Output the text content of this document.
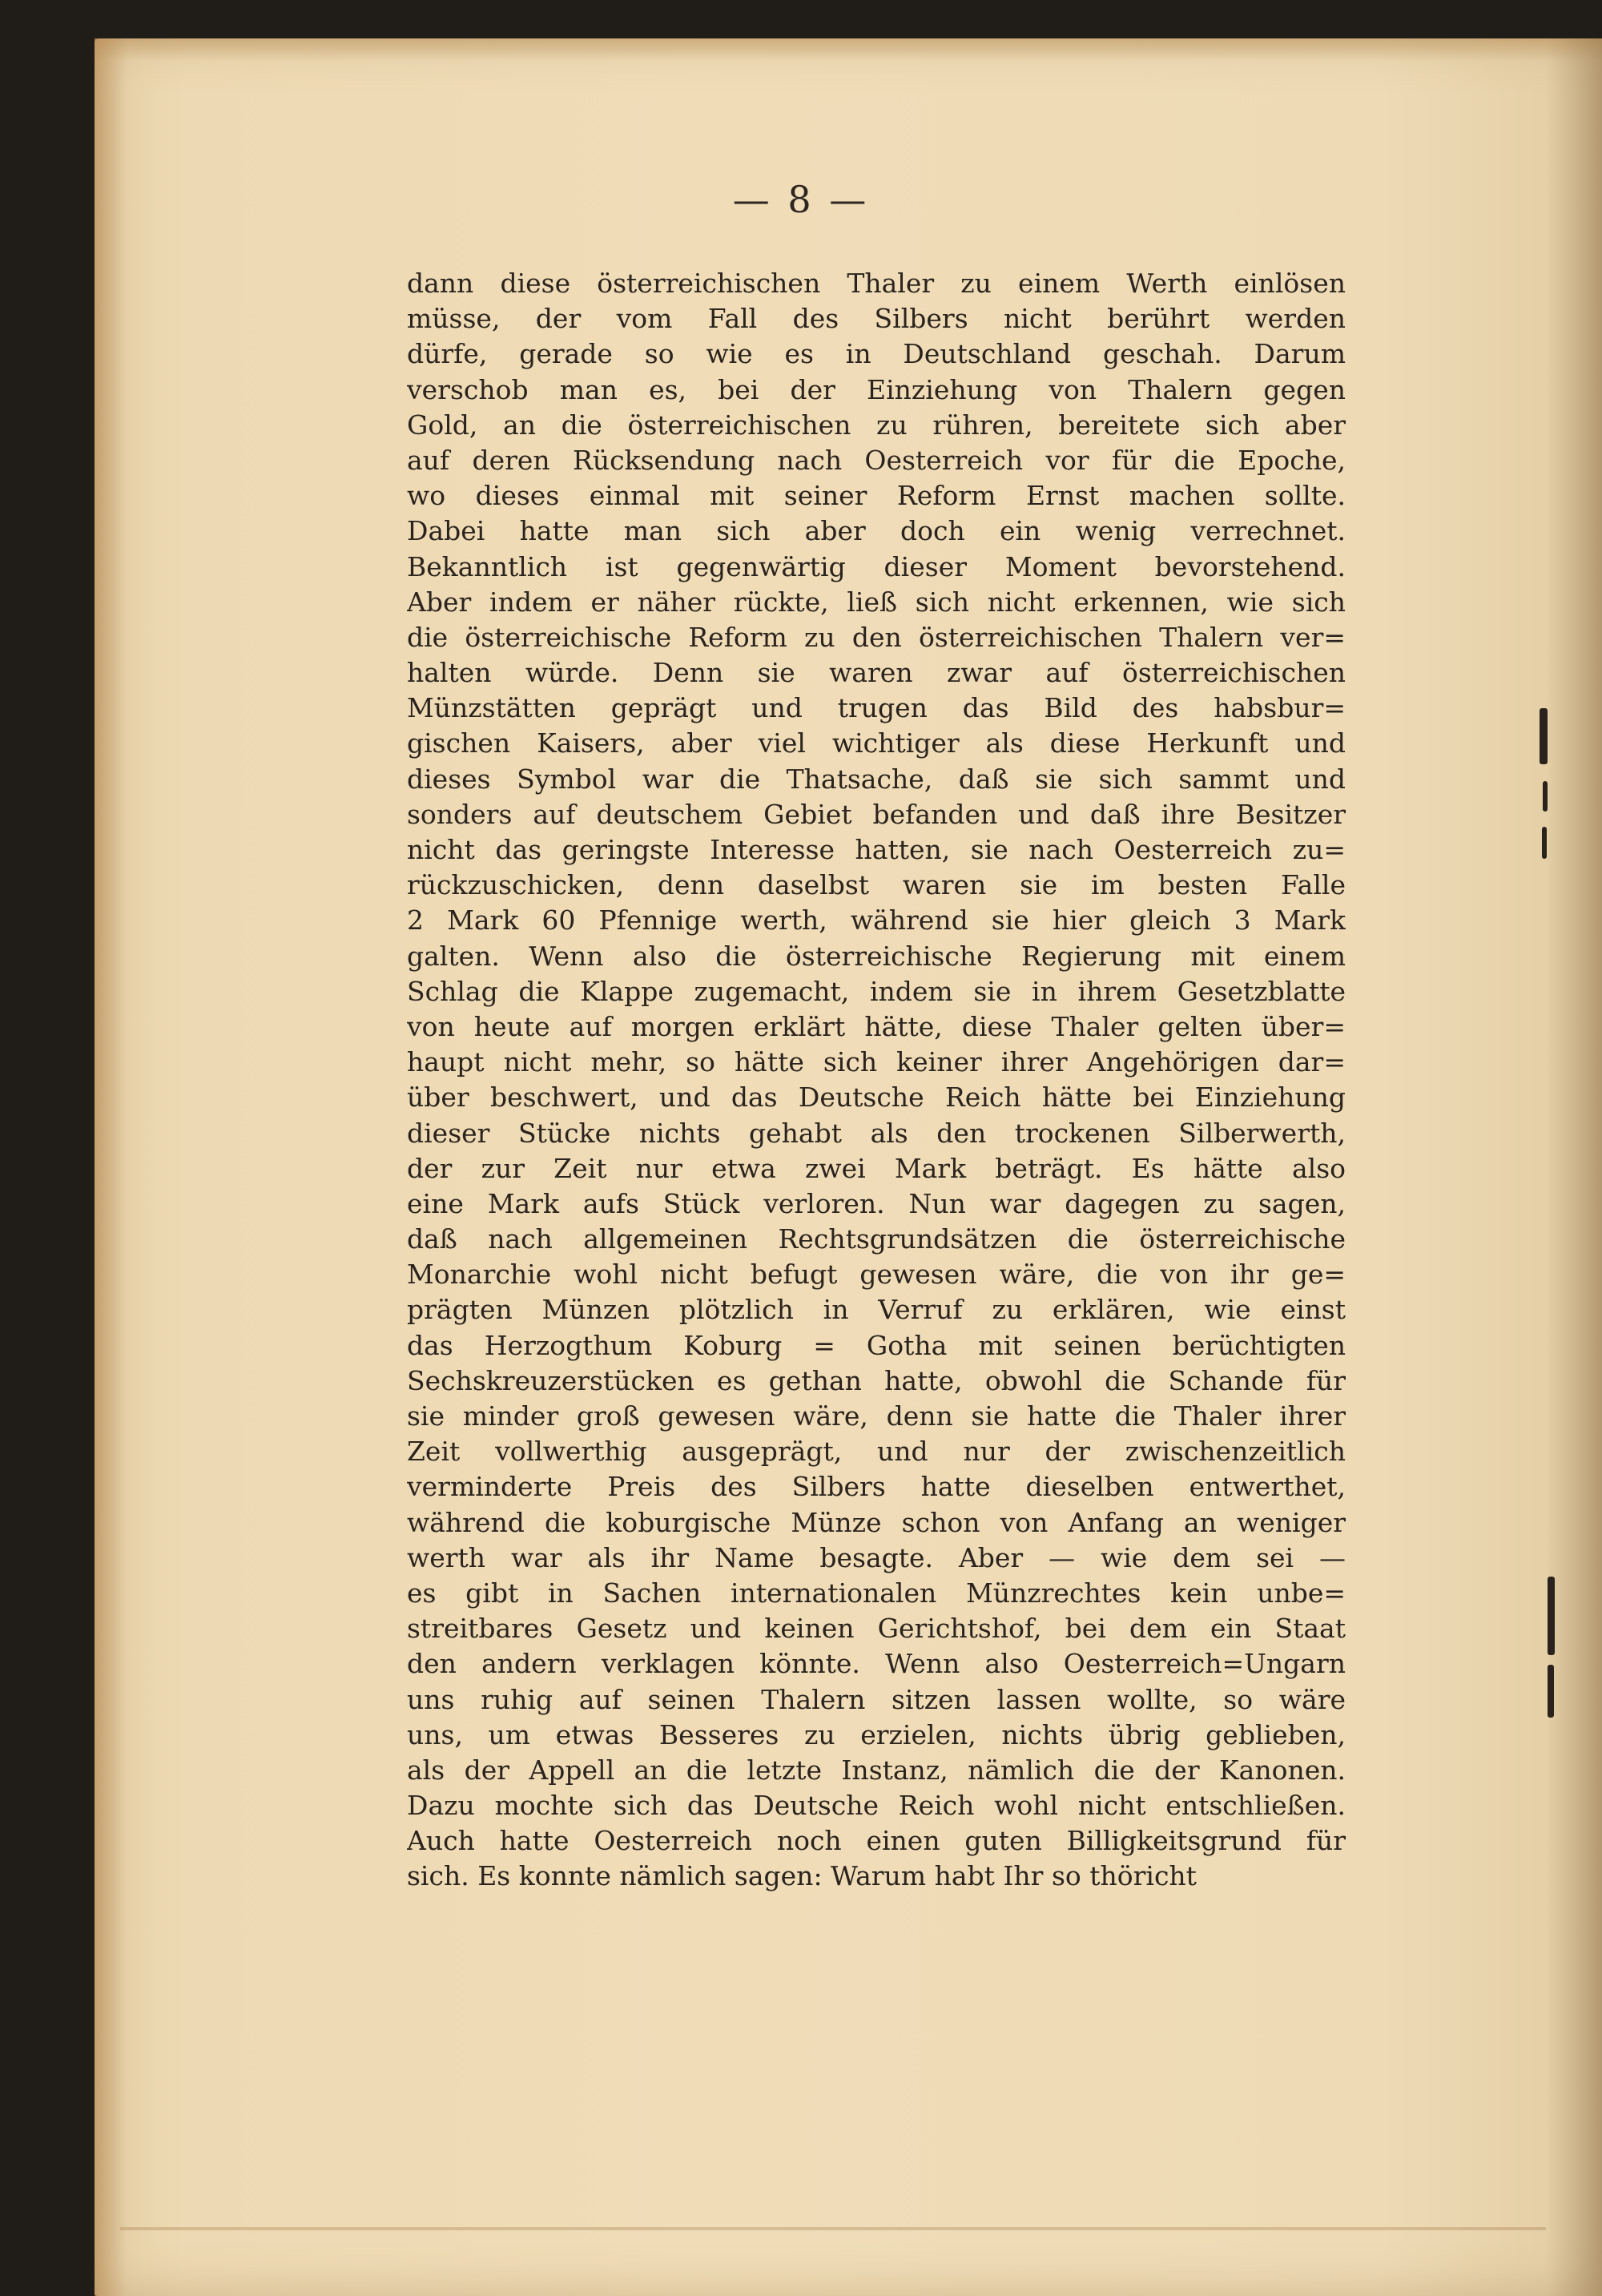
— 8 —
dann diese österreichischen Thaler zu einem Werth einlösen
müsse, der vom Fall des Silbers nicht berührt werden
dürfe, gerade so wie es in Deutschland geschah. Darum
verschob man es, bei der Einziehung von Thalern gegen
Gold, an die österreichischen zu rühren, bereitete sich aber
auf deren Rücksendung nach Oesterreich vor für die Epoche,
wo dieses einmal mit seiner Reform Ernst machen sollte.
Dabei hatte man sich aber doch ein wenig verrechnet.
Bekanntlich ist gegenwärtig dieser Moment bevorstehend.
Aber indem er näher rückte, ließ sich nicht erkennen, wie sich
die österreichische Reform zu den österreichischen Thalern ver=
halten würde. Denn sie waren zwar auf österreichischen
Münzstätten geprägt und trugen das Bild des habsbur=
gischen Kaisers, aber viel wichtiger als diese Herkunft und
dieses Symbol war die Thatsache, daß sie sich sammt und
sonders auf deutschem Gebiet befanden und daß ihre Besitzer
nicht das geringste Interesse hatten, sie nach Oesterreich zu=
rückzuschicken, denn daselbst waren sie im besten Falle
2 Mark 60 Pfennige werth, während sie hier gleich 3 Mark
galten. Wenn also die österreichische Regierung mit einem
Schlag die Klappe zugemacht, indem sie in ihrem Gesetzblatte
von heute auf morgen erklärt hätte, diese Thaler gelten über=
haupt nicht mehr, so hätte sich keiner ihrer Angehörigen dar=
über beschwert, und das Deutsche Reich hätte bei Einziehung
dieser Stücke nichts gehabt als den trockenen Silberwerth,
der zur Zeit nur etwa zwei Mark beträgt. Es hätte also
eine Mark aufs Stück verloren. Nun war dagegen zu sagen,
daß nach allgemeinen Rechtsgrundsätzen die österreichische
Monarchie wohl nicht befugt gewesen wäre, die von ihr ge=
prägten Münzen plötzlich in Verruf zu erklären, wie einst
das Herzogthum Koburg = Gotha mit seinen berüchtigten
Sechskreuzerstücken es gethan hatte, obwohl die Schande für
sie minder groß gewesen wäre, denn sie hatte die Thaler ihrer
Zeit vollwerthig ausgeprägt, und nur der zwischenzeitlich
verminderte Preis des Silbers hatte dieselben entwerthet,
während die koburgische Münze schon von Anfang an weniger
werth war als ihr Name besagte. Aber — wie dem sei —
es gibt in Sachen internationalen Münzrechtes kein unbe=
streitbares Gesetz und keinen Gerichtshof, bei dem ein Staat
den andern verklagen könnte. Wenn also Oesterreich=Ungarn
uns ruhig auf seinen Thalern sitzen lassen wollte, so wäre
uns, um etwas Besseres zu erzielen, nichts übrig geblieben,
als der Appell an die letzte Instanz, nämlich die der Kanonen.
Dazu mochte sich das Deutsche Reich wohl nicht entschließen.
Auch hatte Oesterreich noch einen guten Billigkeitsgrund für
sich. Es konnte nämlich sagen: Warum habt Ihr so thöricht
